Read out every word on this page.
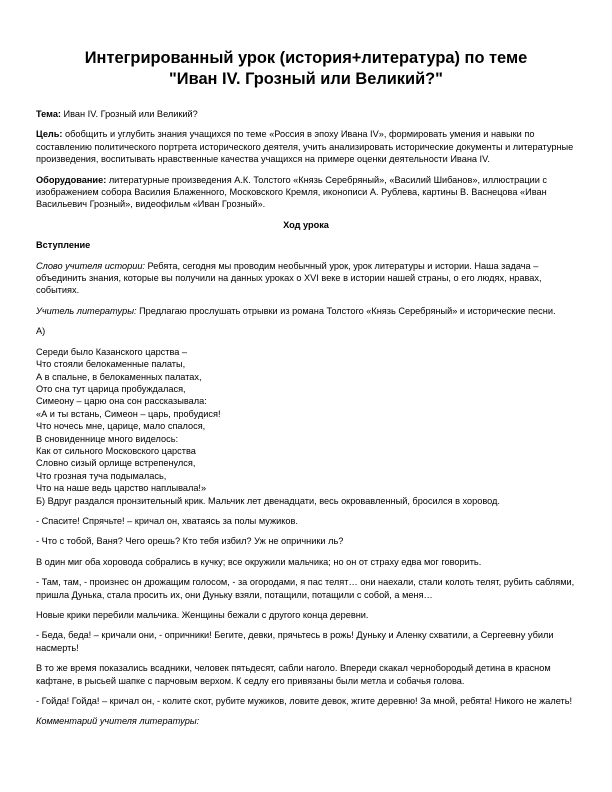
Интегрированный урок (история+литература) по теме
"Иван IV. Грозный или Великий?"

Тема: Иван IV. Грозный или Великий?

Цель: обобщить и углубить знания учащихся по теме «Россия в эпоху Ивана IV», формировать умения и навыки по составлению политического портрета исторического деятеля, учить анализировать исторические документы и литературные произведения, воспитывать нравственные качества учащихся на примере оценки деятельности Ивана IV.

Оборудование: литературные произведения А.К. Толстого «Князь Серебряный», «Василий Шибанов», иллюстрации с изображением собора Василия Блаженного, Московского Кремля, иконописи А. Рублева, картины В. Васнецова «Иван Васильевич Грозный», видеофильм «Иван Грозный».

Ход урока

Вступление

Слово учителя истории: Ребята, сегодня мы проводим необычный урок, урок литературы и истории. Наша задача – объединить знания, которые вы получили на данных уроках о XVI веке в истории нашей страны, о его людях, нравах, событиях.

Учитель литературы: Предлагаю прослушать отрывки из романа Толстого «Князь Серебряный» и исторические песни.

А)

Середи было Казанского царства –
Что стояли белокаменные палаты,
А в спальне, в белокаменных палатах,
Ото сна тут царица пробуждалася,
Симеону – царю она сон рассказывала:
«А и ты встань, Симеон – царь, пробудися!
Что ночесь мне, царице, мало спалося,
В сновиденнице много виделось:
Как от сильного Московского царства
Словно сизый орлище встрепенулся,
Что грозная туча подымалась,
Что на наше ведь царство наплывала!»

Б) Вдруг раздался пронзительный крик. Мальчик лет двенадцати, весь окровавленный, бросился в хоровод.

- Спасите! Спрячьте! – кричал он, хватаясь за полы мужиков.

- Что с тобой, Ваня? Чего орешь? Кто тебя избил? Уж не опричники ль?

В один миг оба хоровода собрались в кучку; все окружили мальчика; но он от страху едва мог говорить.

- Там, там, - произнес он дрожащим голосом, - за огородами, я пас телят… они наехали, стали колоть телят, рубить саблями, пришла Дунька, стала просить их, они Дуньку взяли, потащили, потащили с собой, а меня…

Новые крики перебили мальчика. Женщины бежали с другого конца деревни.

- Беда, беда! – кричали они, - опричники! Бегите, девки, прячьтесь в рожь! Дуньку и Аленку схватили, а Сергеевну убили насмерть!

В то же время показались всадники, человек пятьдесят, сабли наголо. Впереди скакал чернобородый детина в красном кафтане, в рысьей шапке с парчовым верхом. К седлу его привязаны были метла и собачья голова.

- Гойда! Гойда! – кричал он, - колите скот, рубите мужиков, ловите девок, жгите деревню! За мной, ребята! Никого не жалеть!

Комментарий учителя литературы:
